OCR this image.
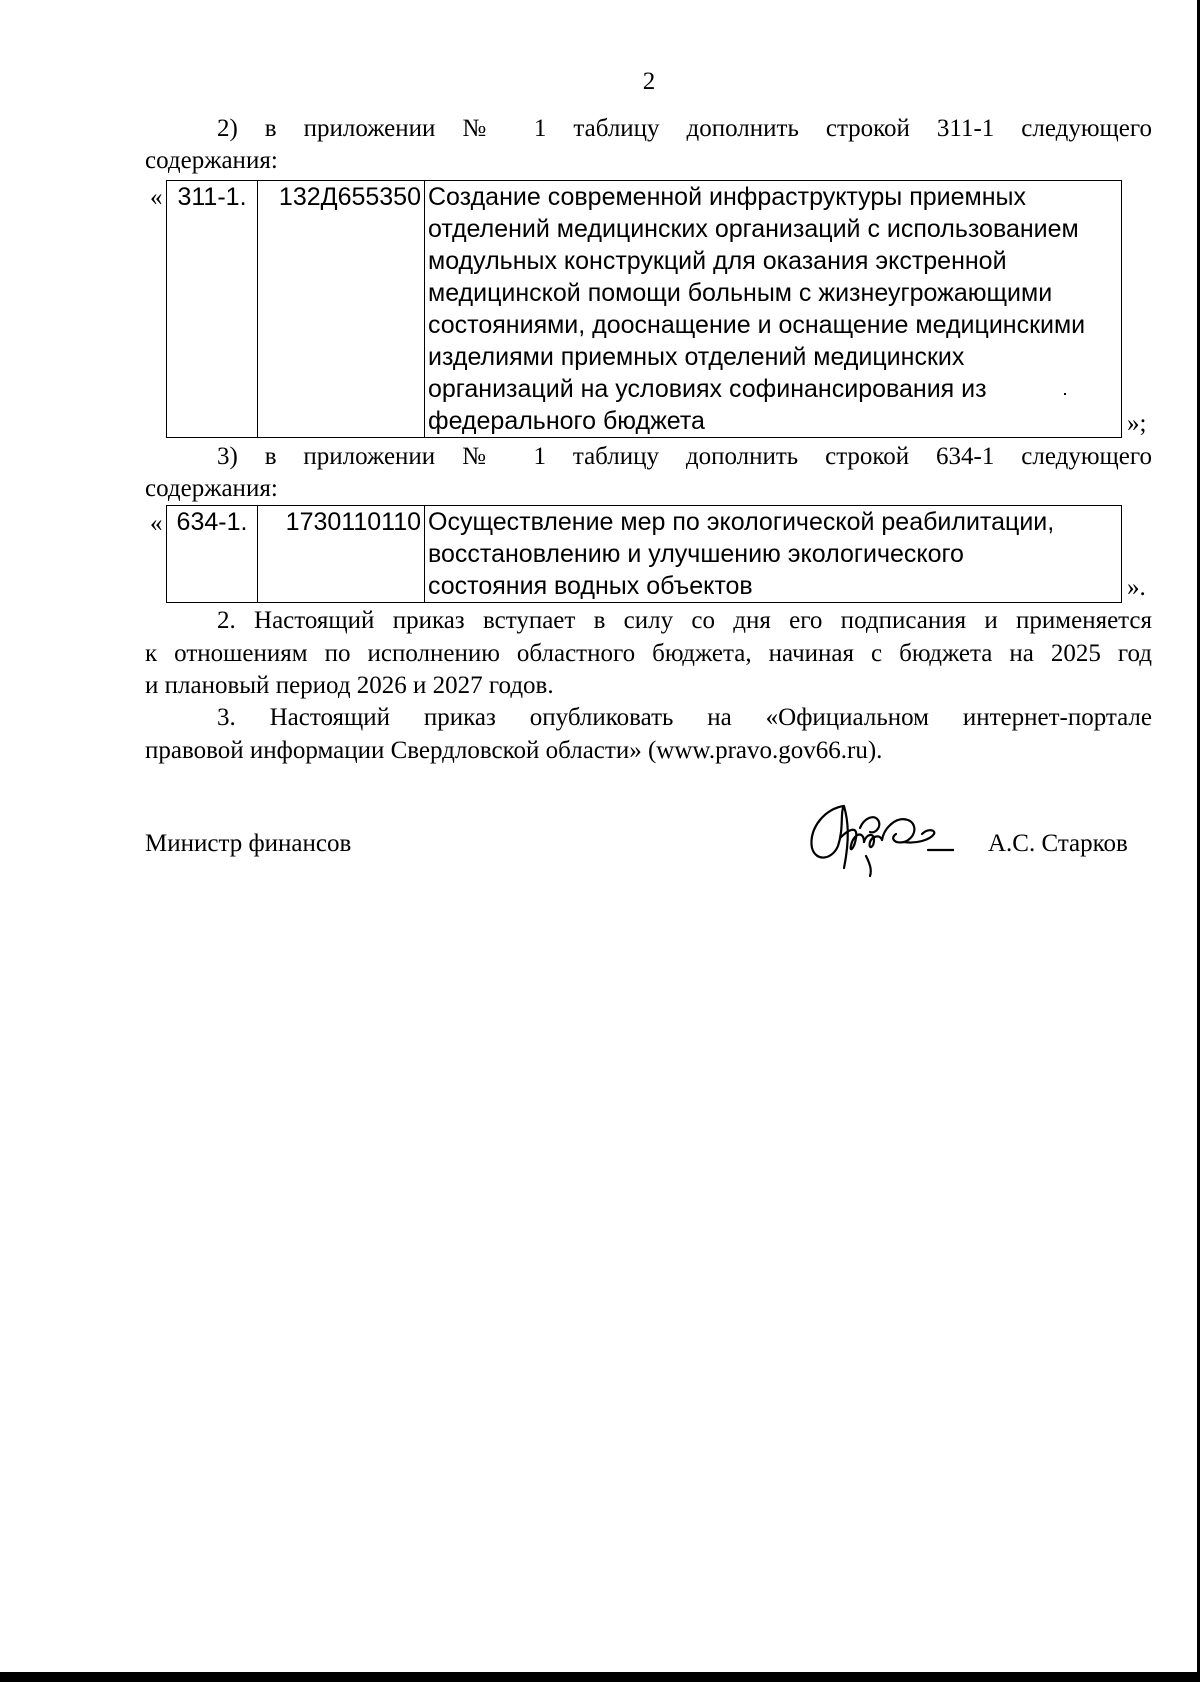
2
2) в приложении № 1 таблицу дополнить строкой 311-1 следующего
содержания:
« 311-1.	132Д655350	Создание современной инфраструктуры приемных
отделений медицинских организаций с использованием
модульных конструкций для оказания экстренной
медицинской помощи больным с жизнеугрожающими
состояниями, дооснащение и оснащение медицинскими
изделиями приемных отделений медицинских
организаций на условиях софинансирования из
федерального бюджета	»;
3) в приложении № 1 таблицу дополнить строкой 634-1 следующего
содержания:
« 634-1.	1730110110	Осуществление мер по экологической реабилитации,
восстановлению и улучшению экологического
состояния водных объектов	».
2. Настоящий приказ вступает в силу со дня его подписания и применяется
к отношениям по исполнению областного бюджета, начиная с бюджета на 2025 год
и плановый период 2026 и 2027 годов.
3. Настоящий приказ опубликовать на «Официальном интернет-портале
правовой информации Свердловской области» (www.pravo.gov66.ru).
Министр финансов	А.С. Старков
